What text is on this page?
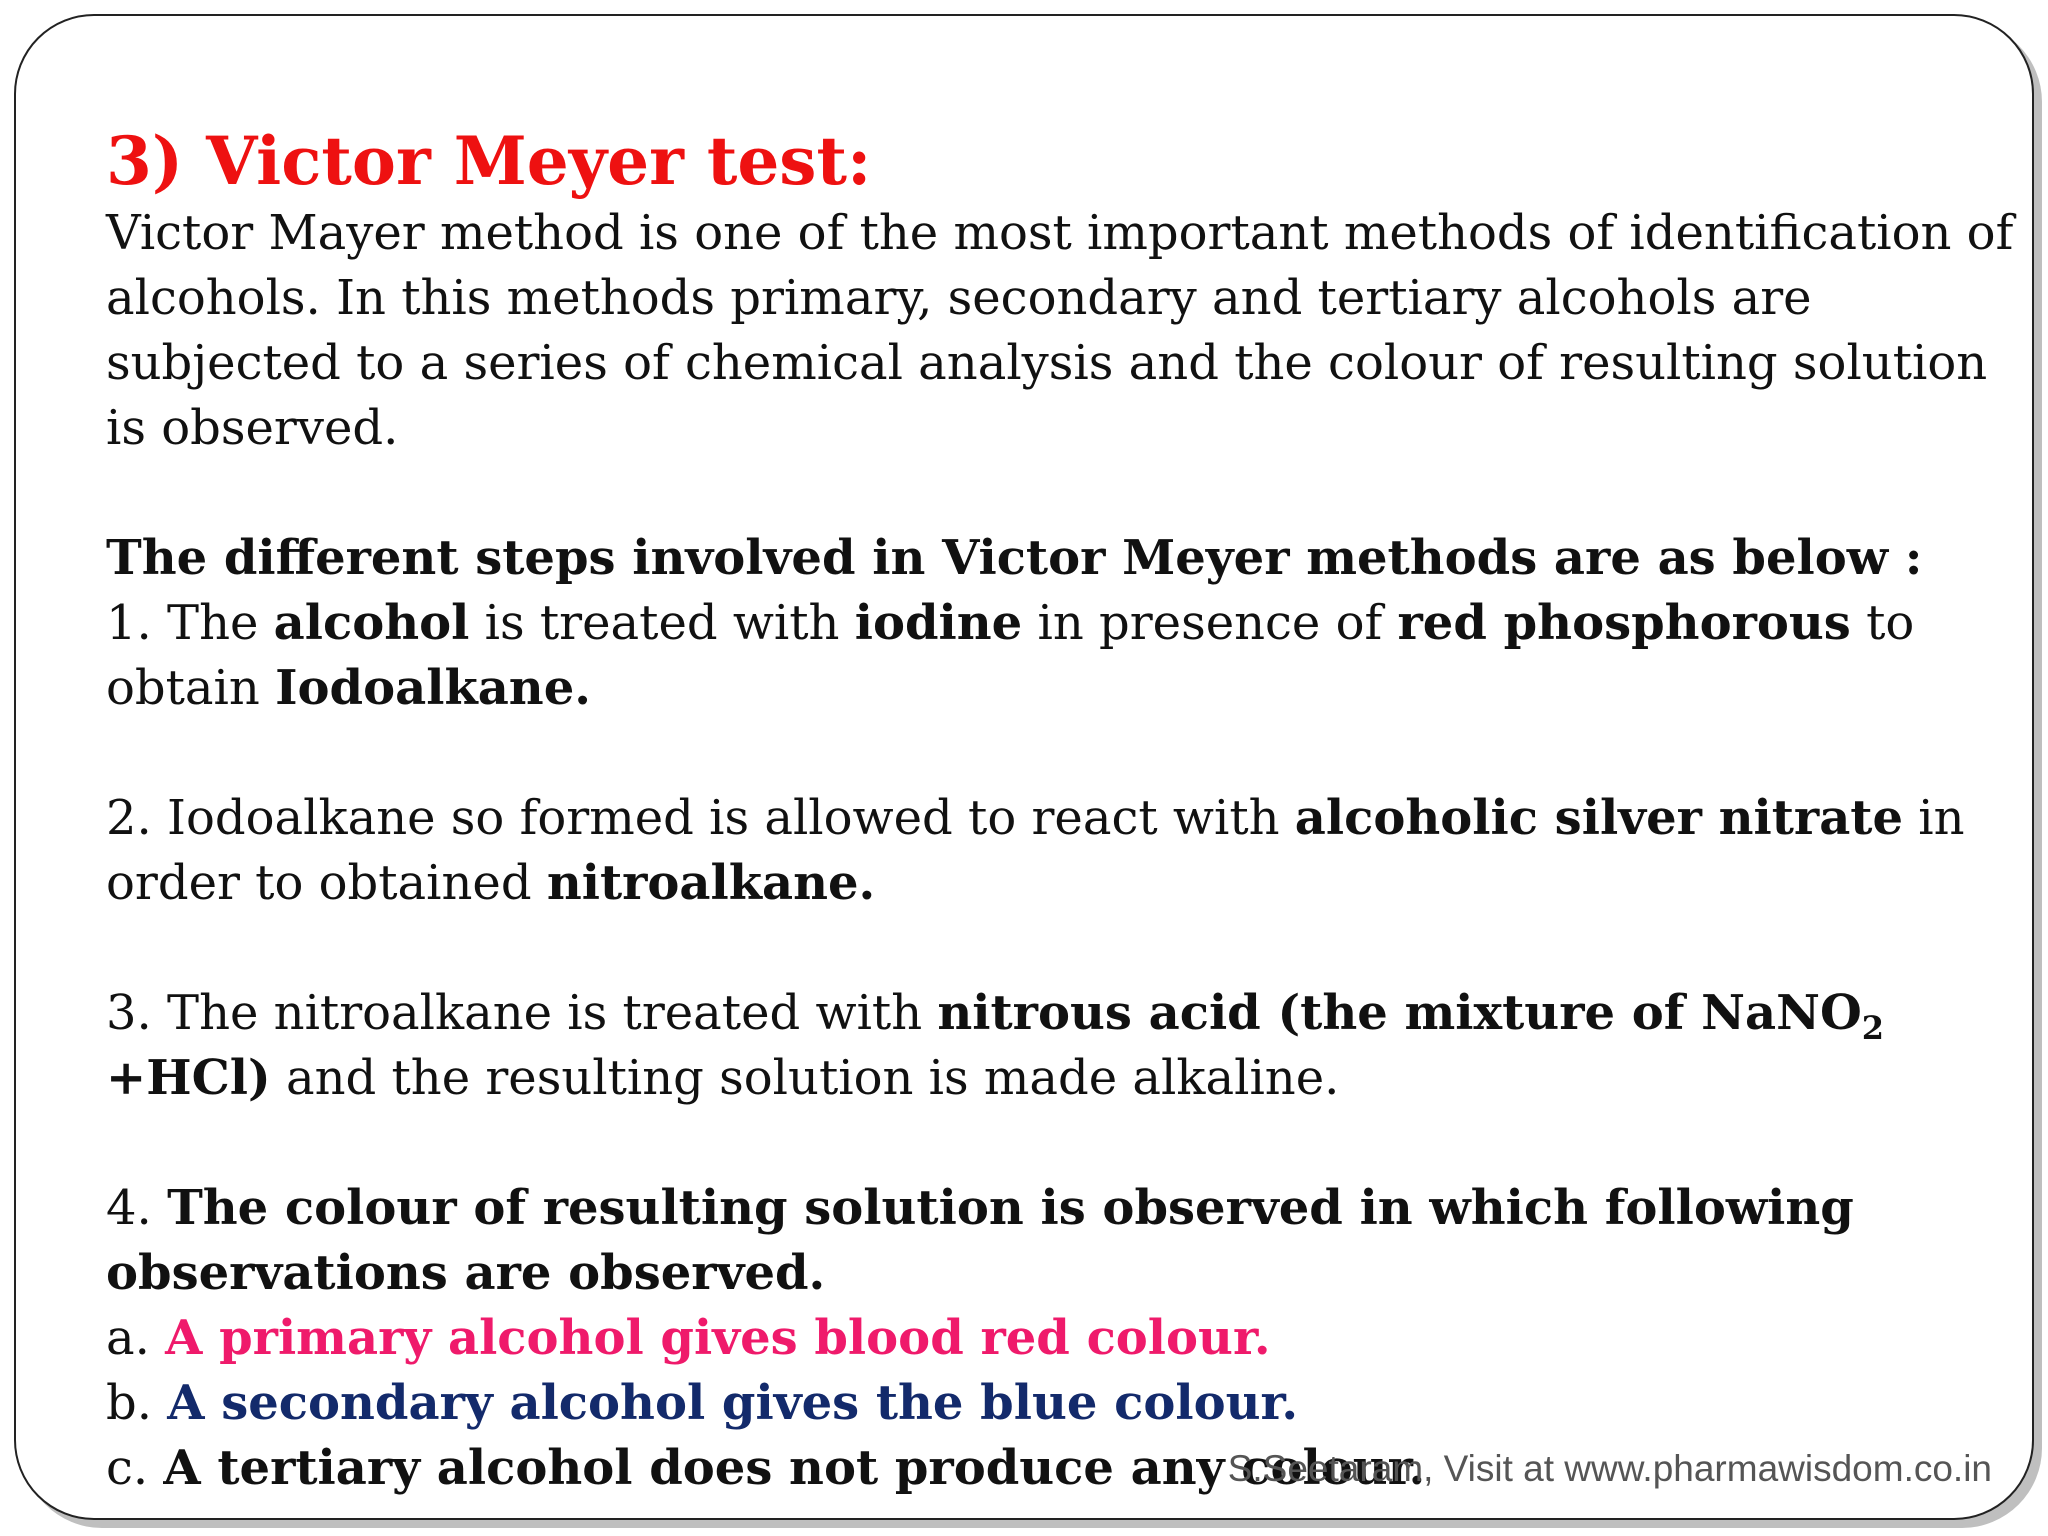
3) Victor Meyer test:

Victor Mayer method is one of the most important methods of identification of alcohols. In this methods primary, secondary and tertiary alcohols are subjected to a series of chemical analysis and the colour of resulting solution is observed.

The different steps involved in Victor Meyer methods are as below :

1. The alcohol is treated with iodine in presence of red phosphorous to obtain Iodoalkane.

2. Iodoalkane so formed is allowed to react with alcoholic silver nitrate in order to obtained nitroalkane.

3. The nitroalkane is treated with nitrous acid (the mixture of NaNO$_2$ +HCl) and the resulting solution is made alkaline.

4. The colour of resulting solution is observed in which following observations are observed.

a. A primary alcohol gives blood red colour.

b. A secondary alcohol gives the blue colour.

c. A tertiary alcohol does not produce any colour.

S.Seetaram, Visit at www.pharmawisdom.co.in
